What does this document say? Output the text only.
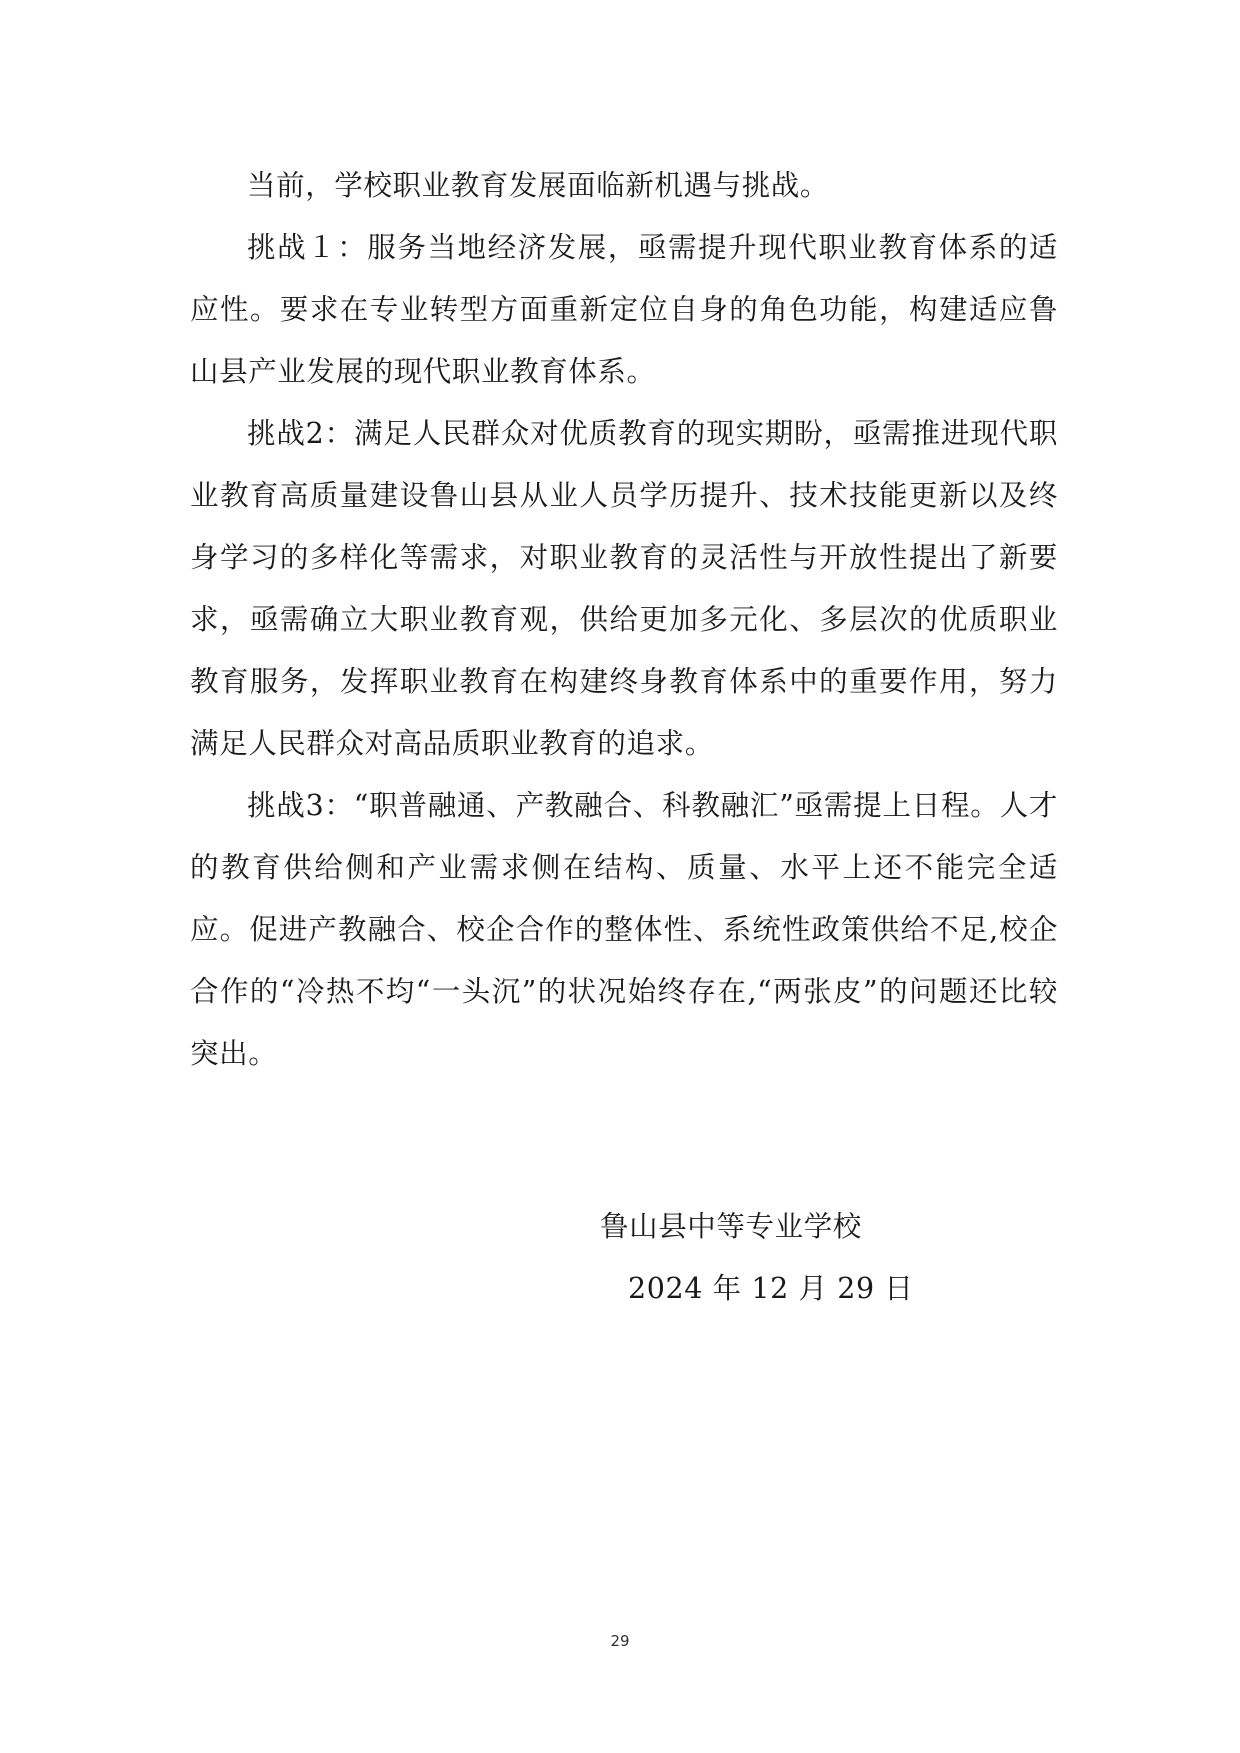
当前，学校职业教育发展面临新机遇与挑战。

挑战１：服务当地经济发展，亟需提升现代职业教育体系的适应性。要求在专业转型方面重新定位自身的角色功能，构建适应鲁山县产业发展的现代职业教育体系。

挑战2：满足人民群众对优质教育的现实期盼，亟需推进现代职业教育高质量建设鲁山县从业人员学历提升、技术技能更新以及终身学习的多样化等需求，对职业教育的灵活性与开放性提出了新要求，亟需确立大职业教育观，供给更加多元化、多层次的优质职业教育服务，发挥职业教育在构建终身教育体系中的重要作用，努力满足人民群众对高品质职业教育的追求。

挑战3：“职普融通、产教融合、科教融汇”亟需提上日程。人才的教育供给侧和产业需求侧在结构、质量、水平上还不能完全适应。促进产教融合、校企合作的整体性、系统性政策供给不足,校企合作的“冷热不均“一头沉”的状况始终存在,“两张皮”的问题还比较突出。

鲁山县中等专业学校

2024 年 12 月 29 日

29
